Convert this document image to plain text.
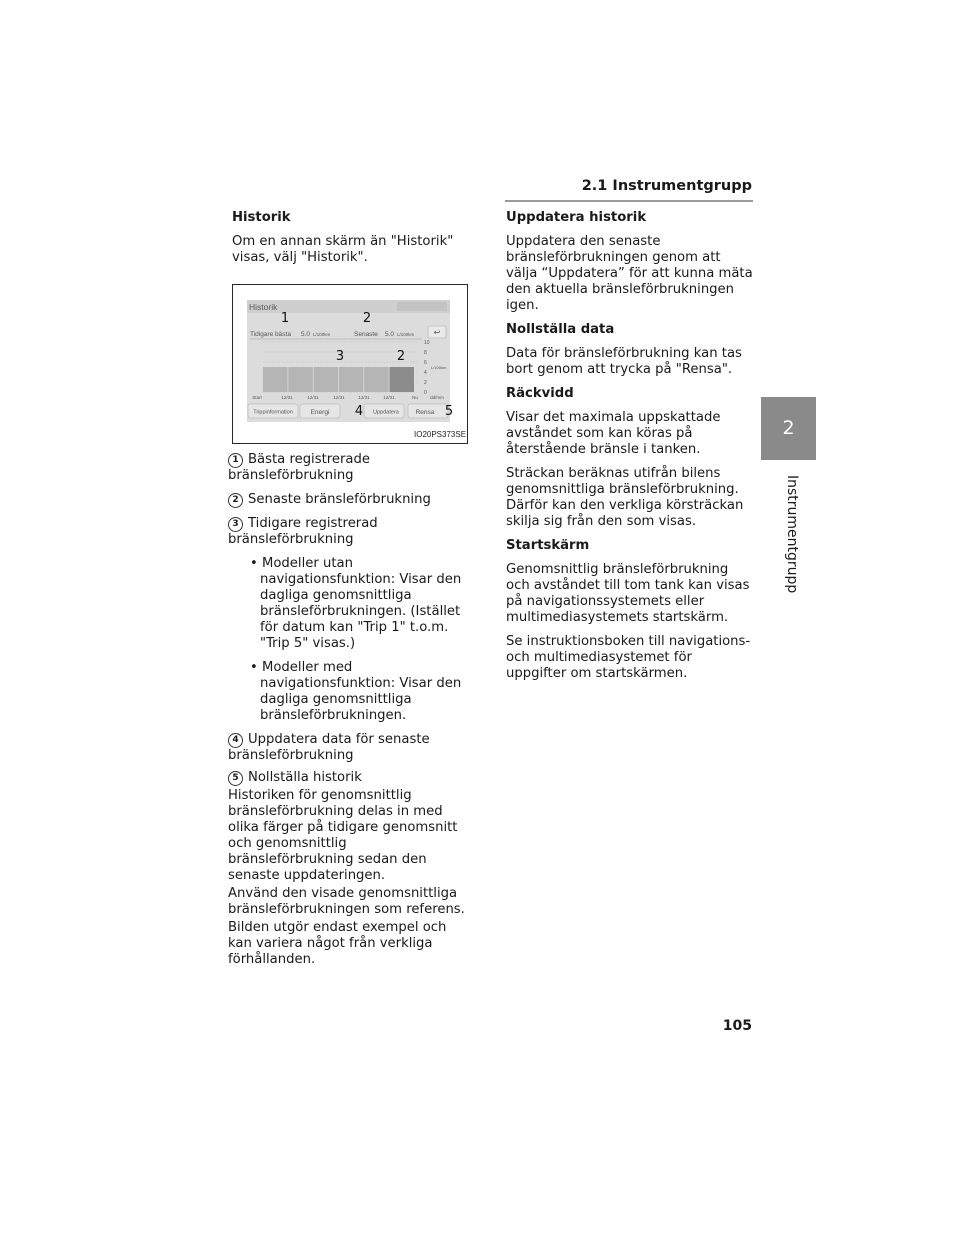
2.1 Instrumentgrupp
2
Instrumentgrupp

Historik

Om en annan skärm än "Historik" visas, välj "Historik".

Historik
Tidigare bästa 5.0 L/100km	Senaste 5.0 L/100km ↩
10
8
6
4
2
0
L/100km
Start	12/31	12/31	12/31	12/31	12/31	Nu	dd/mm
Trippinformation	Energi	Uppdatera	Rensa
1	2
3	2
4	5
IO20PS373SE

1 Bästa registrerade bränsleförbrukning

2 Senaste bränsleförbrukning

3 Tidigare registrerad bränsleförbrukning

• Modeller utan navigationsfunktion: Visar den dagliga genomsnittliga bränsleförbrukningen. (Istället för datum kan "Trip 1" t.o.m. "Trip 5" visas.)

• Modeller med navigationsfunktion: Visar den dagliga genomsnittliga bränsleförbrukningen.

4 Uppdatera data för senaste bränsleförbrukning

5 Nollställa historik

Historiken för genomsnittlig bränsleförbrukning delas in med olika färger på tidigare genomsnitt och genomsnittlig bränsleförbrukning sedan den senaste uppdateringen.

Använd den visade genomsnittliga bränsleförbrukningen som referens.

Bilden utgör endast exempel och kan variera något från verkliga förhållanden.

Uppdatera historik

Uppdatera den senaste bränsleförbrukningen genom att välja “Uppdatera” för att kunna mäta den aktuella bränsleförbrukningen igen.

Nollställa data

Data för bränsleförbrukning kan tas bort genom att trycka på "Rensa".

Räckvidd

Visar det maximala uppskattade avståndet som kan köras på återstående bränsle i tanken.

Sträckan beräknas utifrån bilens genomsnittliga bränsleförbrukning. Därför kan den verkliga körsträckan skilja sig från den som visas.

Startskärm

Genomsnittlig bränsleförbrukning och avståndet till tom tank kan visas på navigationssystemets eller multimediasystemets startskärm.

Se instruktionsboken till navigations- och multimediasystemet för uppgifter om startskärmen.

105
